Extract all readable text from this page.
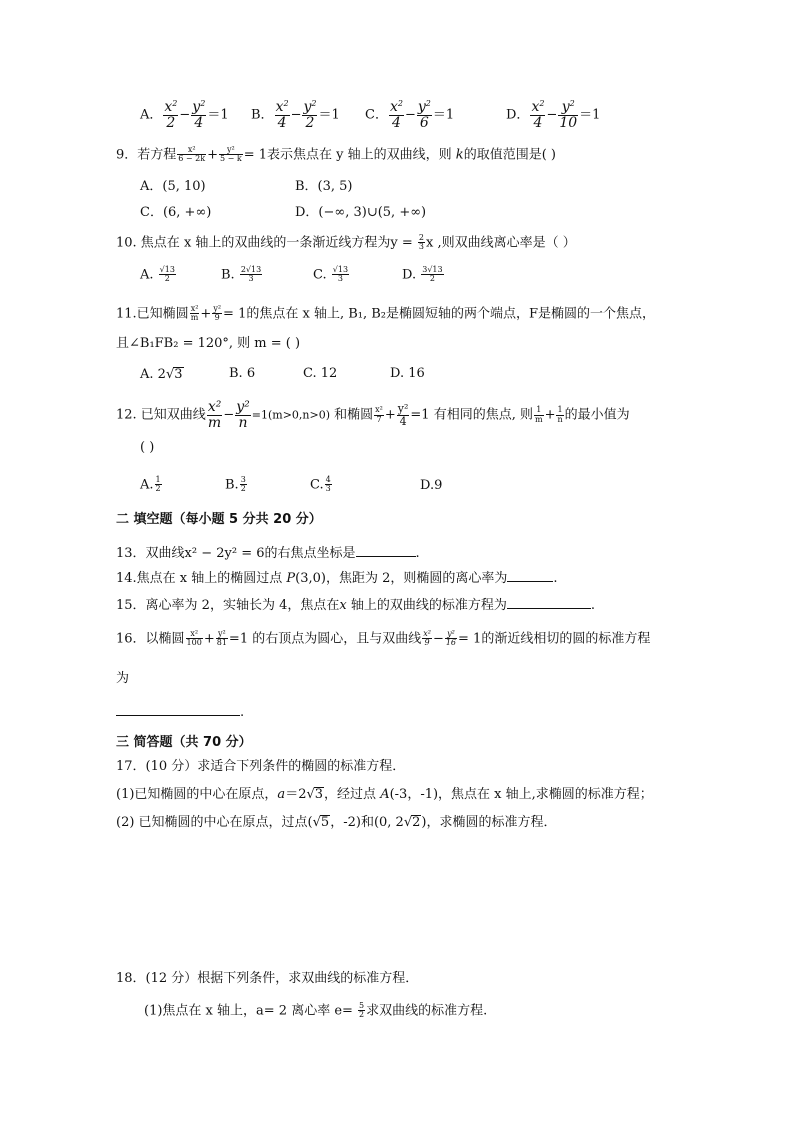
A． $\frac{x^2}{2} - \frac{y^2}{4} =1$ B． $\frac{x^2}{4} - \frac{y^2}{2} =1$ C． $\frac{x^2}{4} - \frac{y^2}{6} =1$	D． $\frac{x^2}{4} - \frac{y^2}{10} =1$
9．若方程 $\frac{\text{x²}}{6 - 2k} + \frac{\text{y²}}{5 - k} = 1$表示焦点在 y 轴上的双曲线，则 k的取值范围是( )
A．(5, 10)	B．(3, 5)
C．(6, +∞)	D．(−∞, 3)∪(5, +∞)
10. 焦点在 x 轴上的双曲线的一条渐近线方程为$y = \frac{2}{3}$ x ,则双曲线离心率是（ ）
A. $\frac{√13}{2}$	B. $\frac{2√13}{3}$	C. $\frac{√13}{3}$	D. $\frac{3√13}{2}$
11.已知椭圆 $\frac{\text{x²}}{m} + \frac{\text{y²}}{9} = 1$的焦点在 x 轴上, B₁, B₂是椭圆短轴的两个端点，F是椭圆的一个焦点，
且∠B₁FB₂ = 120°, 则 m = ( )
A. 2√3	B. 6	C. 12	D. 16
12. 已知双曲线 $\frac{\text{x²}}{m} - \frac{\text{y²}}{n} =1(m>0,n>0)$ 和椭圆 $\frac{\text{x²}}{7} + \frac{\text{y²}}{4} =1$ 有相同的焦点, 则 $\frac{1}{m} + \frac{1}{n}$ 的最小值为
( )
A. $\frac{1}{2}$	B. $\frac{3}{2}$	C. $\frac{4}{3}$	D.9
二 填空题（每小题 5 分共 20 分）
13．双曲线x² − 2y² = 6的右焦点坐标是	.
14.焦点在 x 轴上的椭圆过点 P(3,0)，焦距为 2，则椭圆的离心率为	.
15．离心率为 2，实轴长为 4，焦点在x 轴上的双曲线的标准方程为	.
16．以椭圆 $\frac{\text{x²}}{100} + \frac{\text{y²}}{81} =1$ 的右顶点为圆心，且与双曲线 $\frac{\text{x²}}{9} - \frac{\text{y²}}{16} = 1$的渐近线相切的圆的标准方程
为
.
三 简答题（共 70 分）
17．(10 分）求适合下列条件的椭圆的标准方程．
(1)已知椭圆的中心在原点，a＝2√3，经过点 A(-3，-1)，焦点在 x 轴上,求椭圆的标准方程；
(2) 已知椭圆的中心在原点，过点(√5，-2)和(0, 2√2)，求椭圆的标准方程．
18．(12 分）根据下列条件，求双曲线的标准方程．
(1)焦点在 x 轴上，a= 2 离心率 $e= \frac{5}{2}$ 求双曲线的标准方程.
